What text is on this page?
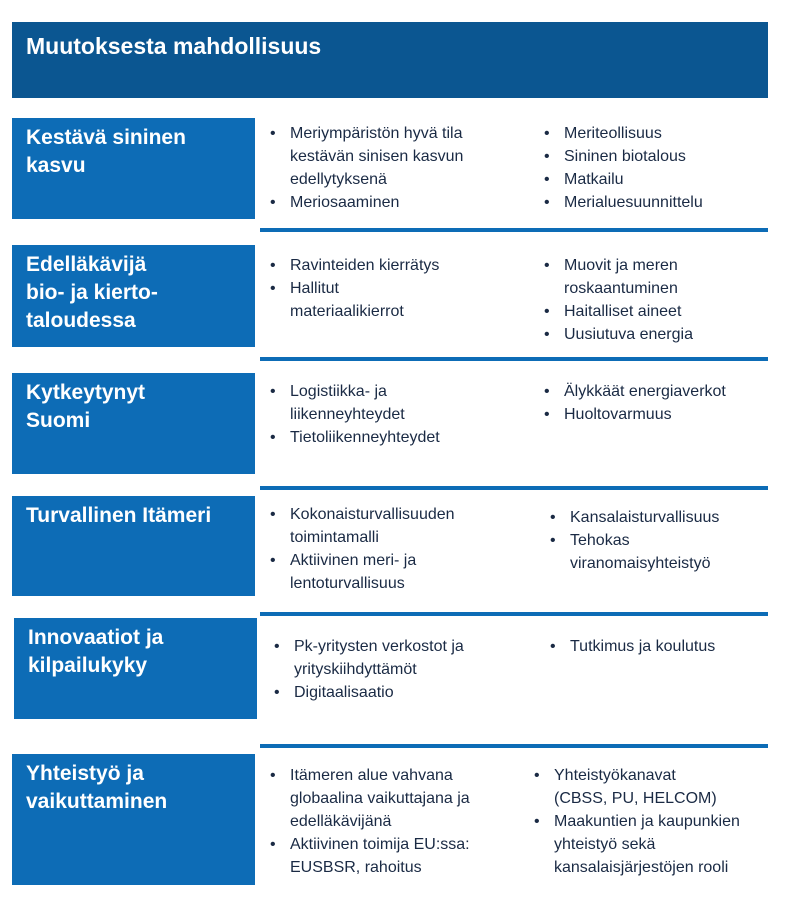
Muutoksesta mahdollisuus
Kestävä sininen
kasvu
• Meriympäristön hyvä tila
kestävän sinisen kasvun
edellytyksenä
• Meriosaaminen
• Meriteollisuus
• Sininen biotalous
• Matkailu
• Merialuesuunnittelu
Edelläkävijä
bio- ja kierto-
taloudessa
• Ravinteiden kierrätys
• Hallitut
materiaalikierrot
• Muovit ja meren
roskaantuminen
• Haitalliset aineet
• Uusiutuva energia
Kytkeytynyt
Suomi
• Logistiikka- ja
liikenneyhteydet
• Tietoliikenneyhteydet
• Älykkäät energiaverkot
• Huoltovarmuus
Turvallinen Itämeri
•	Kokonaisturvallisuuden
toimintamalli
• Aktiivinen meri- ja
lentoturvallisuus
• Kansalaisturvallisuus
• Tehokas
viranomaisyhteistyö
Innovaatiot ja
kilpailukyky
• Pk-yritysten verkostot ja
yrityskiihdyttämöt
• Digitaalisaatio
• Tutkimus ja koulutus
Yhteistyö ja
vaikuttaminen
• Itämeren alue vahvana
globaalina vaikuttajana ja
edelläkävijänä
• Aktiivinen toimija EU:ssa:
EUSBSR, rahoitus
• Yhteistyökanavat
(CBSS, PU, HELCOM)
• Maakuntien ja kaupunkien
yhteistyö sekä
kansalaisjärjestöjen rooli
